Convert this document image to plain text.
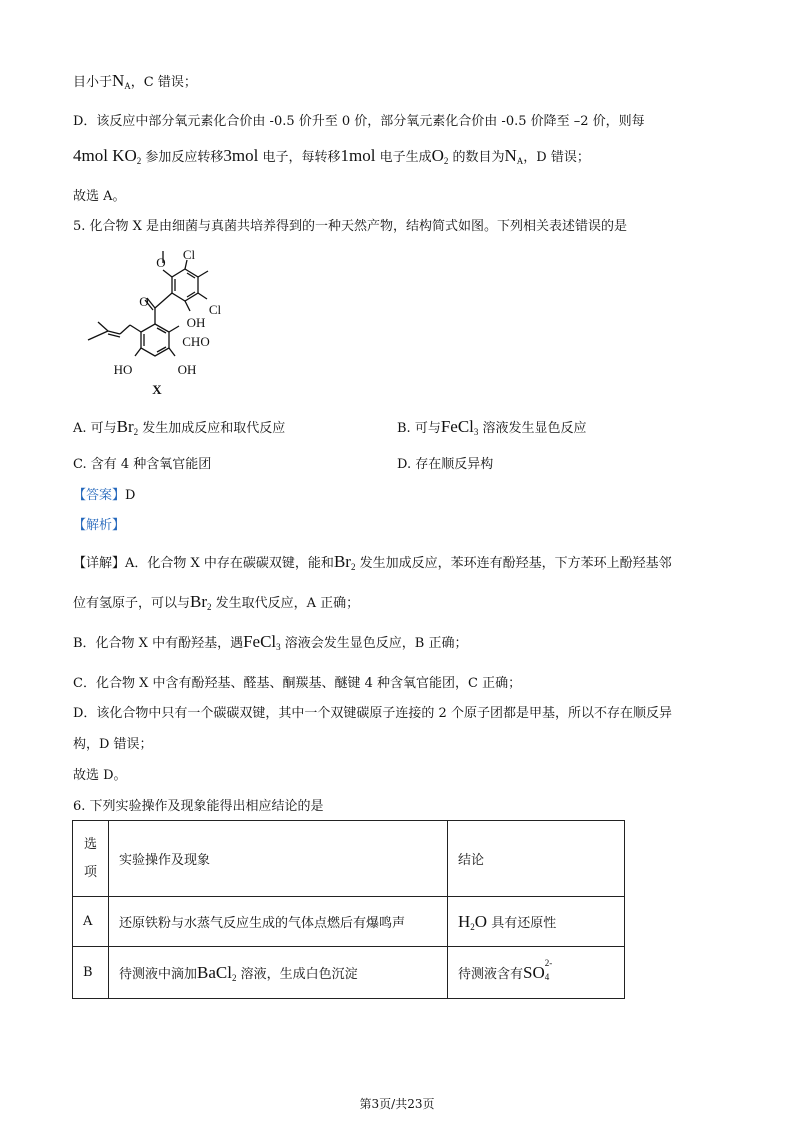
目小于$N_A$，C 错误；
D．该反应中部分氧元素化合价由 -0.5 价升至 0 价，部分氧元素化合价由 -0.5 价降至 –2 价，则每
4mol $KO_2$ 参加反应转移3mol 电子，每转移1mol 电子生成$O_2$ 的数目为$N_A$，D 错误；
故选 A。
5. 化合物 X 是由细菌与真菌共培养得到的一种天然产物，结构简式如图。下列相关表述错误的是
O
Cl
Cl
O
OH
CHO
HO	OH
X
A. 可与$Br_2$ 发生加成反应和取代反应	B. 可与FeCl$_3$ 溶液发生显色反应
C. 含有 4 种含氧官能团	D. 存在顺反异构
【答案】D
【解析】
【详解】A．化合物 X 中存在碳碳双键，能和$Br_2$ 发生加成反应，苯环连有酚羟基，下方苯环上酚羟基邻
位有氢原子，可以与$Br_2$ 发生取代反应，A 正确；
B．化合物 X 中有酚羟基，遇FeCl$_3$ 溶液会发生显色反应，B 正确；
C．化合物 X 中含有酚羟基、醛基、酮羰基、醚键 4 种含氧官能团，C 正确；
D．该化合物中只有一个碳碳双键，其中一个双键碳原子连接的 2 个原子团都是甲基，所以不存在顺反异
构，D 错误；
故选 D。
6. 下列实验操作及现象能得出相应结论的是
选
项	实验操作及现象	结论
A	还原铁粉与水蒸气反应生成的气体点燃后有爆鸣声	$H_2O$ 具有还原性
B	待测液中滴加BaCl$_2$ 溶液，生成白色沉淀	待测液含有SO 2-
4
第3页/共23页
